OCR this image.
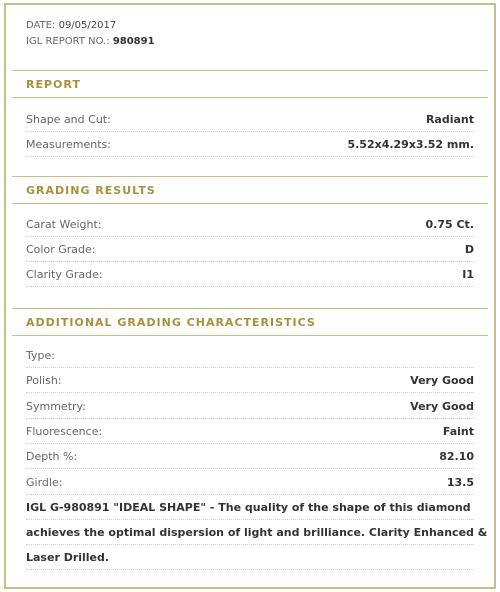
DATE: 09/05/2017
IGL REPORT NO.: 980891
REPORT
Shape and Cut:	Radiant
Measurements:	5.52x4.29x3.52 mm.
GRADING RESULTS
Carat Weight:	0.75 Ct.
Color Grade:	D
Clarity Grade:	I1
ADDITIONAL GRADING CHARACTERISTICS
Type:
Polish:	Very Good
Symmetry:	Very Good
Fluorescence:	Faint
Depth %:	82.10
Girdle:	13.5
IGL G-980891 "IDEAL SHAPE" - The quality of the shape of this diamond
achieves the optimal dispersion of light and brilliance. Clarity Enhanced &
Laser Drilled.
